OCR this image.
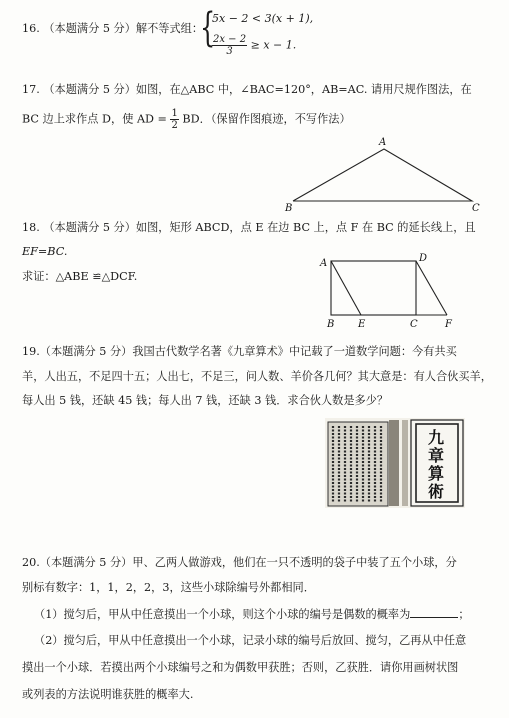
16. （本题满分 5 分）解不等式组：
{
5x − 2 < 3(x + 1),
$\frac{2x - 2}{3} \ge x - 1$.
17. （本题满分 5 分）如图，在△ABC 中，∠BAC=120°，AB=AC. 请用尺规作图法，在
BC 边上求作点 D，使 AD = $\frac{1}{2}$ BD．（保留作图痕迹，不写作法）
A
B	C
A	D
B E	C	F
18. （本题满分 5 分）如图，矩形 ABCD，点 E 在边 BC 上，点 F 在 BC 的延长线上，且
EF=BC.
求证：△ABE ≌△DCF.
19.（本题满分 5 分）我国古代数学名著《九章算术》中记载了一道数学问题：今有共买
羊，人出五，不足四十五；人出七，不足三，问人数、羊价各几何？其大意是：有人合伙买羊，
每人出 5 钱，还缺 45 钱；每人出 7 钱，还缺 3 钱．求合伙人数是多少？
九章算術
20.（本题满分 5 分）甲、乙两人做游戏，他们在一只不透明的袋子中装了五个小球，分
别标有数字：1，1，2，2，3，这些小球除编号外都相同．
（1）搅匀后，甲从中任意摸出一个小球，则这个小球的编号是偶数的概率为	；
（2）搅匀后，甲从中任意摸出一个小球，记录小球的编号后放回、搅匀，乙再从中任意
摸出一个小球．若摸出两个小球编号之和为偶数甲获胜；否则，乙获胜．请你用画树状图
或列表的方法说明谁获胜的概率大.
